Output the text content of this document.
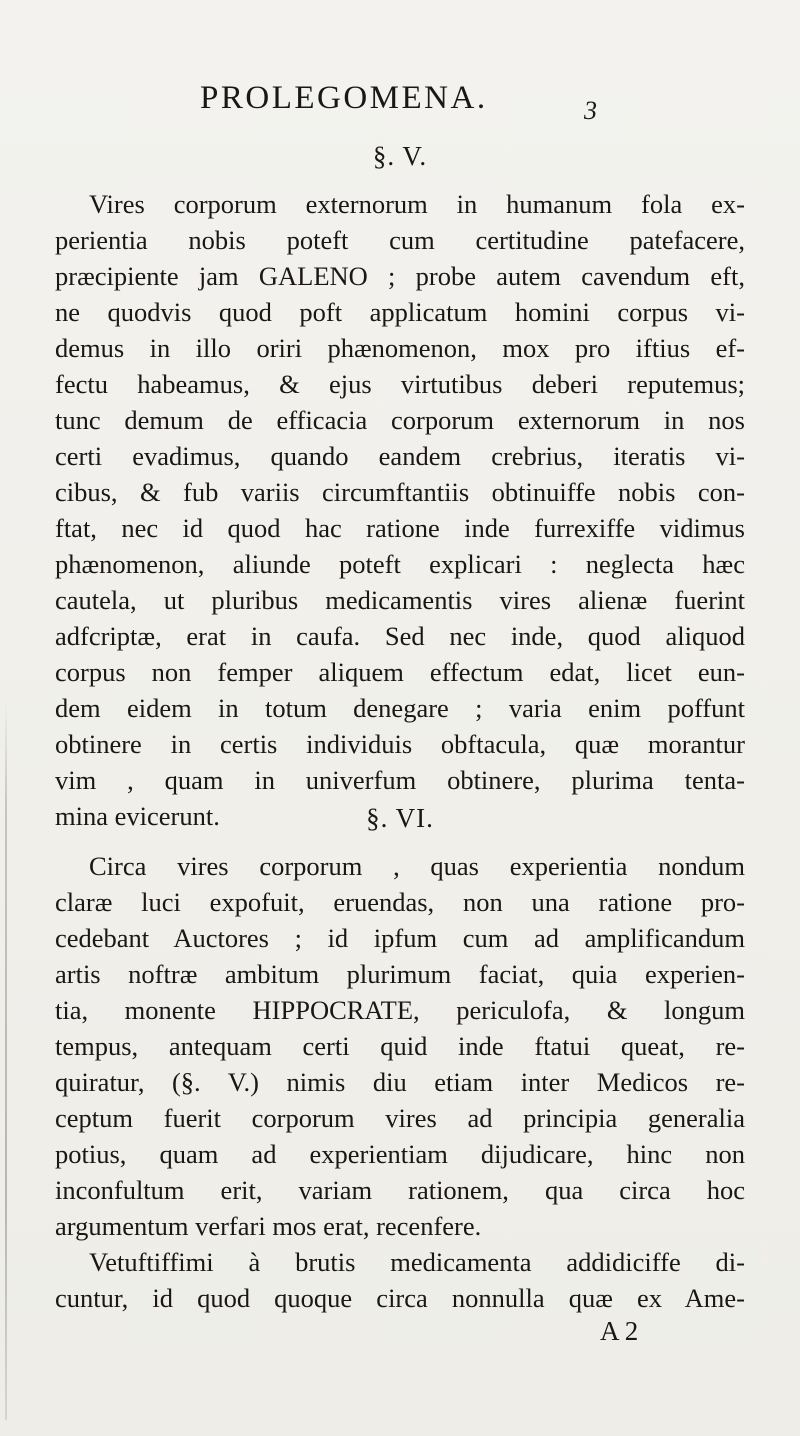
PROLEGOMENA.	3
§. V.
Vires corporum externorum in humanum fola ex-
perientia nobis poteft cum certitudine patefacere,
præcipiente jam GALENO ; probe autem cavendum eft,
ne quodvis quod poft applicatum homini corpus vi-
demus in illo oriri phænomenon, mox pro iftius ef-
fectu habeamus, & ejus virtutibus deberi reputemus;
tunc demum de efficacia corporum externorum in nos
certi evadimus, quando eandem crebrius, iteratis vi-
cibus, & fub variis circumftantiis obtinuiffe nobis con-
ftat, nec id quod hac ratione inde furrexiffe vidimus
phænomenon, aliunde poteft explicari : neglecta hæc
cautela, ut pluribus medicamentis vires alienæ fuerint
adfcriptæ, erat in caufa. Sed nec inde, quod aliquod
corpus non femper aliquem effectum edat, licet eun-
dem eidem in totum denegare ; varia enim poffunt
obtinere in certis individuis obftacula, quæ morantur
vim , quam in univerfum obtinere, plurima tenta-
mina evicerunt.	§. VI.
Circa vires corporum , quas experientia nondum
claræ luci expofuit, eruendas, non una ratione pro-
cedebant Auctores ; id ipfum cum ad amplificandum
artis noftræ ambitum plurimum faciat, quia experien-
tia, monente HIPPOCRATE, periculofa, & longum
tempus, antequam certi quid inde ftatui queat, re-
quiratur, (§. V.) nimis diu etiam inter Medicos re-
ceptum fuerit corporum vires ad principia generalia
potius, quam ad experientiam dijudicare, hinc non
inconfultum erit, variam rationem, qua circa hoc
argumentum verfari mos erat, recenfere.
Vetuftiffimi à brutis medicamenta addidiciffe di-
cuntur, id quod quoque circa nonnulla quæ ex Ame-
A 2
